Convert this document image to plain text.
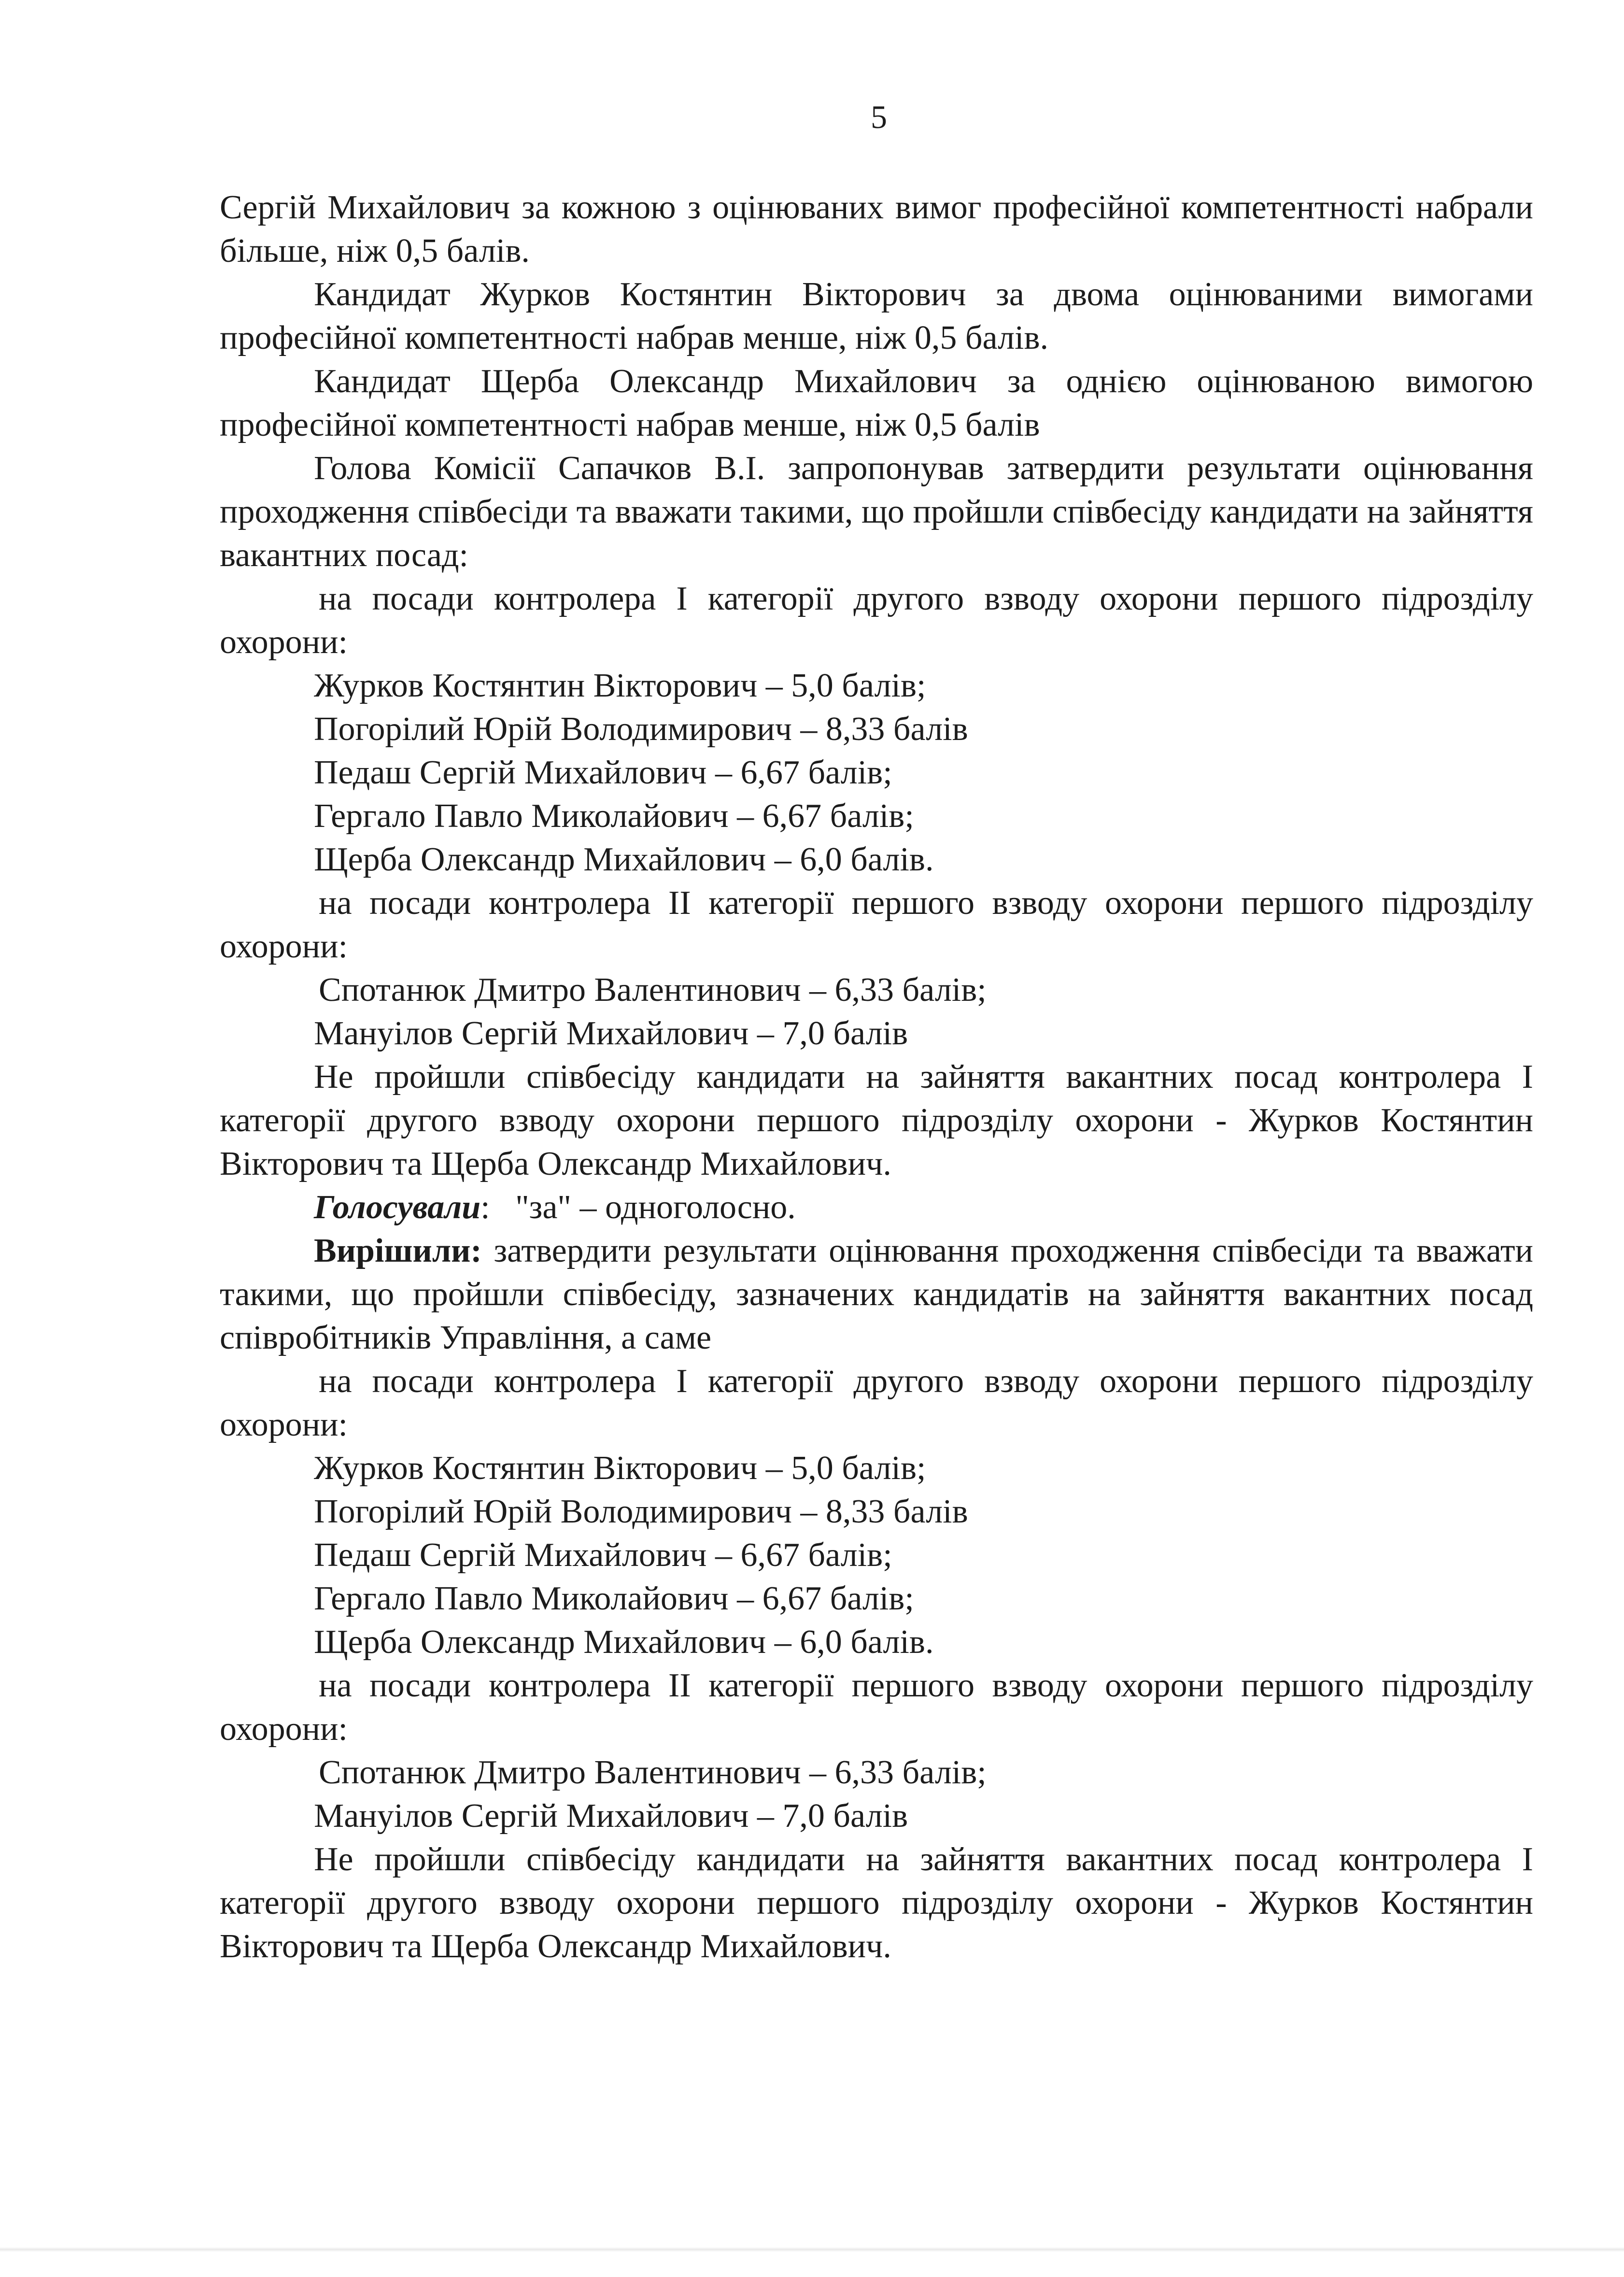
5

Сергій Михайлович за кожною з оцінюваних вимог професійної компетентності набрали більше, ніж 0,5 балів.

Кандидат Журков Костянтин Вікторович за двома оцінюваними вимогами професійної компетентності набрав менше, ніж 0,5 балів.

Кандидат Щерба Олександр Михайлович за однією оцінюваною вимогою професійної компетентності набрав менше, ніж 0,5 балів

Голова Комісії Сапачков В.І. запропонував затвердити результати оцінювання проходження співбесіди та вважати такими, що пройшли співбесіду кандидати на зайняття вакантних посад:

на посади контролера І категорії другого взводу охорони першого підрозділу охорони:

Журков Костянтин Вікторович – 5,0 балів;

Погорілий Юрій Володимирович – 8,33 балів

Педаш Сергій Михайлович – 6,67 балів;

Гергало Павло Миколайович – 6,67 балів;

Щерба Олександр Михайлович – 6,0 балів.

на посади контролера ІІ категорії першого взводу охорони першого підрозділу охорони:

Спотанюк Дмитро Валентинович – 6,33 балів;

Мануілов Сергій Михайлович – 7,0 балів

Не пройшли співбесіду кандидати на зайняття вакантних посад контролера І категорії другого взводу охорони першого підрозділу охорони - Журков Костянтин Вікторович та Щерба Олександр Михайлович.

Голосували:   "за" – одноголосно.

Вирішили: затвердити результати оцінювання проходження співбесіди та вважати такими, що пройшли співбесіду, зазначених кандидатів на зайняття вакантних посад співробітників Управління, а саме

на посади контролера І категорії другого взводу охорони першого підрозділу охорони:

Журков Костянтин Вікторович – 5,0 балів;

Погорілий Юрій Володимирович – 8,33 балів

Педаш Сергій Михайлович – 6,67 балів;

Гергало Павло Миколайович – 6,67 балів;

Щерба Олександр Михайлович – 6,0 балів.

на посади контролера ІІ категорії першого взводу охорони першого підрозділу охорони:

Спотанюк Дмитро Валентинович – 6,33 балів;

Мануілов Сергій Михайлович – 7,0 балів

Не пройшли співбесіду кандидати на зайняття вакантних посад контролера І категорії другого взводу охорони першого підрозділу охорони - Журков Костянтин Вікторович та Щерба Олександр Михайлович.
